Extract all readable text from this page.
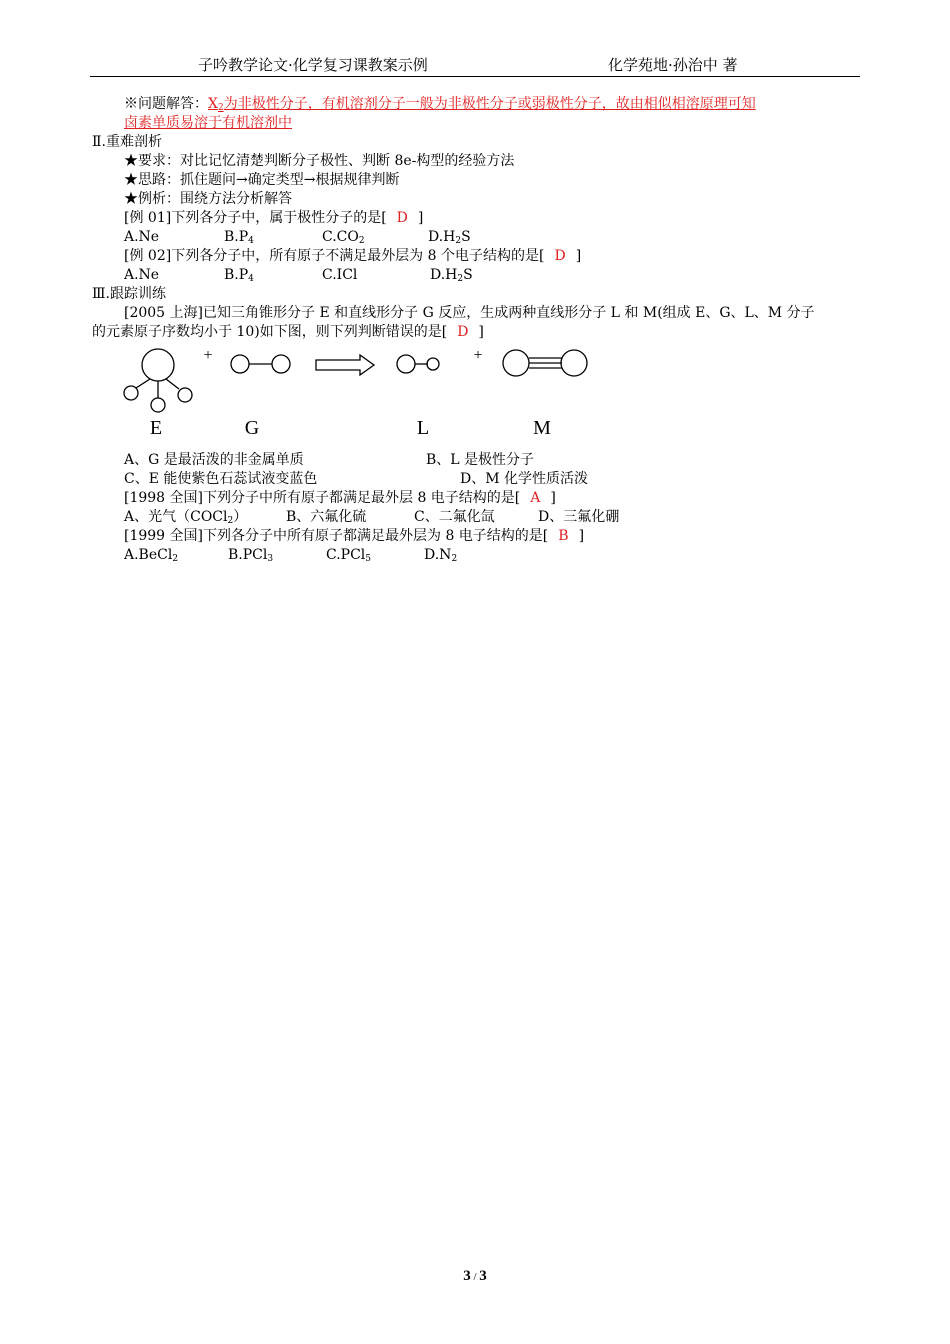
子吟教学论文·化学复习课教案示例	化学苑地·孙治中 著
※问题解答：$X_2$为非极性分子，有机溶剂分子一般为非极性分子或弱极性分子，故由相似相溶原理可知
卤素单质易溶于有机溶剂中
Ⅱ.重难剖析
★要求：对比记忆清楚判断分子极性、判断 8e-构型的经验方法
★思路：抓住题问→确定类型→根据规律判断
★例析：围绕方法分析解答
[例 01]下列各分子中，属于极性分子的是[ D ]
A.Ne	$B.P_4$	$C.CO_2$	$D.H_2S$
[例 02]下列各分子中，所有原子不满足最外层为 8 个电子结构的是[ D ]
A.Ne	$B.P_4$	C.ICl	$D.H_2S$
Ⅲ.跟踪训练
[2005 上海]已知三角锥形分子 E 和直线形分子 G 反应，生成两种直线形分子 L 和 M(组成 E、G、L、M 分子
的元素原子序数均小于 10)如下图，则下列判断错误的是[ D ]
+	+
E	G	L	M
A、G 是最活泼的非金属单质	B、L 是极性分子
C、E 能使紫色石蕊试液变蓝色	D、M 化学性质活泼
[1998 全国]下列分子中所有原子都满足最外层 8 电子结构的是[ A ]
A、光气（COCl$_2$）	B、六氟化硫	C、二氟化氙	D、三氟化硼
[1999 全国]下列各分子中所有原子都满足最外层为 8 电子结构的是[ B ]
A.BeCl$_2$	B.PCl$_3$	C.PCl$_5$	$D.N_2$
3 / 3
